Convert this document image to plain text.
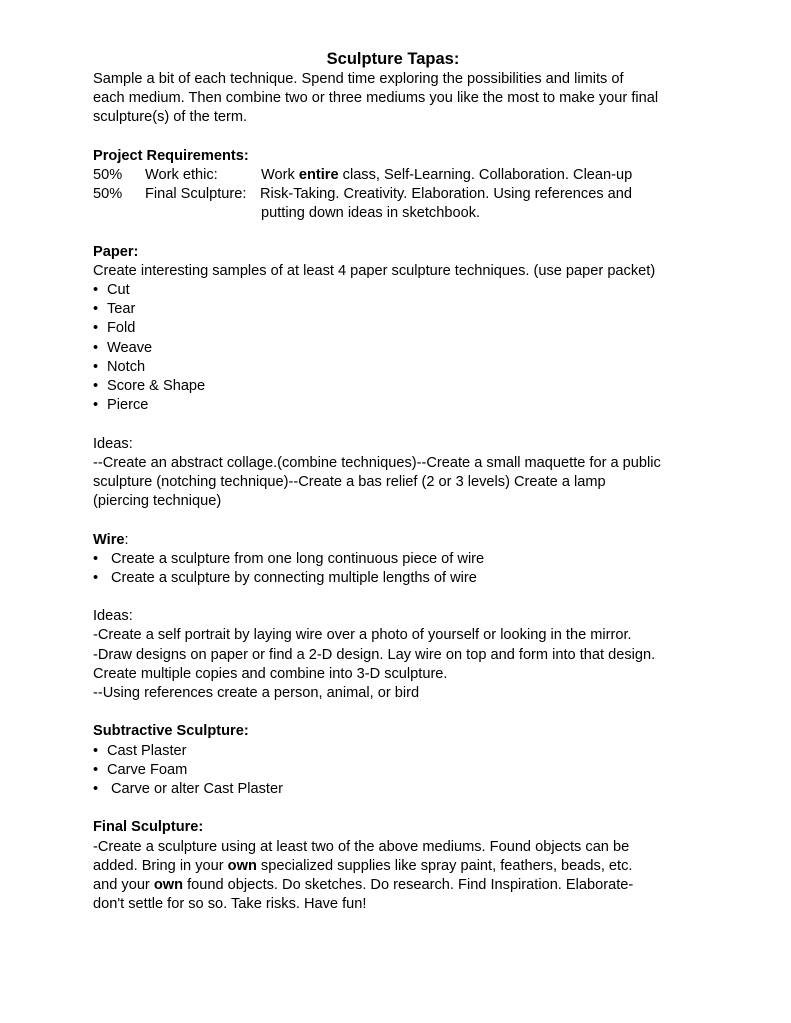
Sculpture Tapas:
Sample a bit of each technique. Spend time exploring the possibilities and limits of
each medium. Then combine two or three mediums you like the most to make your final
sculpture(s) of the term.
Project Requirements:
50% Work ethic:	Work entire class, Self-Learning. Collaboration. Clean-up
50% Final Sculpture: Risk-Taking. Creativity. Elaboration. Using references and
putting down ideas in sketchbook.
Paper:
Create interesting samples of at least 4 paper sculpture techniques. (use paper packet)
• Cut
• Tear
• Fold
• Weave
• Notch
• Score & Shape
• Pierce
Ideas:
--Create an abstract collage.(combine techniques)--Create a small maquette for a public
sculpture (notching technique)--Create a bas relief (2 or 3 levels) Create a lamp
(piercing technique)
Wire:
• Create a sculpture from one long continuous piece of wire
• Create a sculpture by connecting multiple lengths of wire
Ideas:
-Create a self portrait by laying wire over a photo of yourself or looking in the mirror.
-Draw designs on paper or find a 2-D design. Lay wire on top and form into that design.
Create multiple copies and combine into 3-D sculpture.
--Using references create a person, animal, or bird
Subtractive Sculpture:
• Cast Plaster
• Carve Foam
• Carve or alter Cast Plaster
Final Sculpture:
-Create a sculpture using at least two of the above mediums. Found objects can be
added. Bring in your own specialized supplies like spray paint, feathers, beads, etc.
and your own found objects. Do sketches. Do research. Find Inspiration. Elaborate-
don't settle for so so. Take risks. Have fun!
